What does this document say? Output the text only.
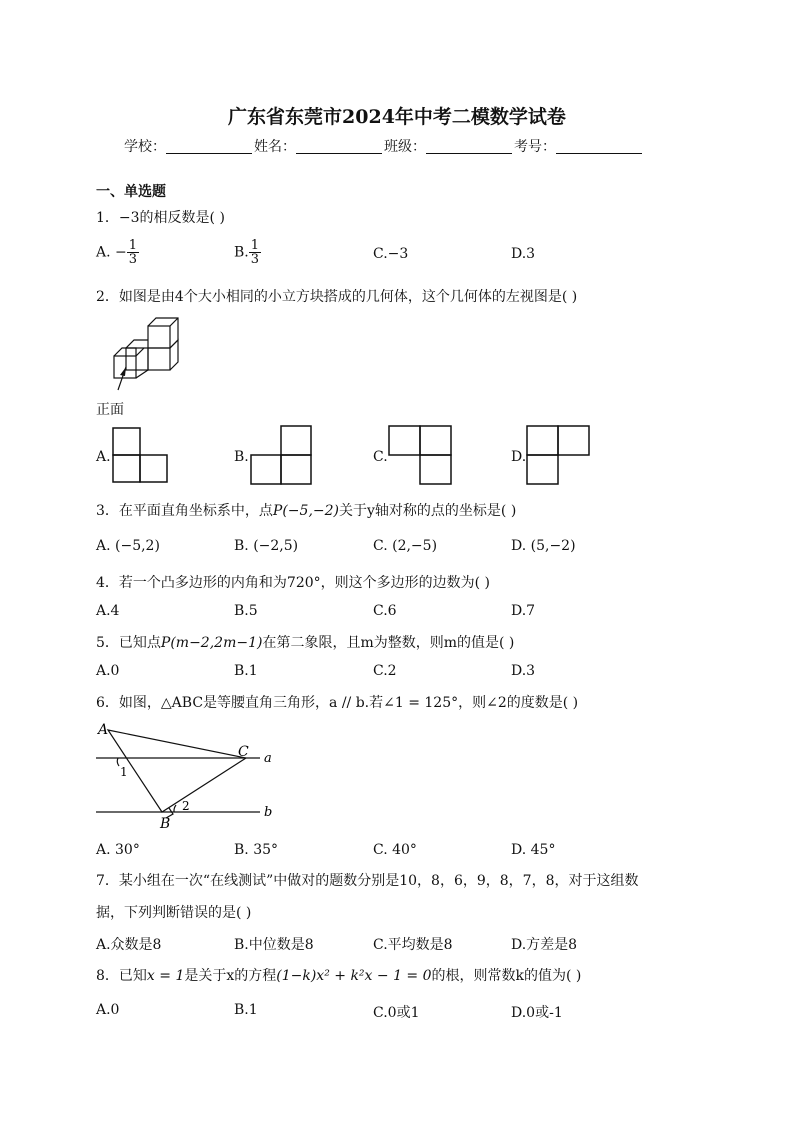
广东省东莞市2024年中考二模数学试卷
学校：	姓名：	班级：	考号：
一、单选题
1．−3的相反数是( )
A. − $\frac{1}{3}$	B. $\frac{1}{3}$	C.−3	D.3
2．如图是由4个大小相同的小立方块搭成的几何体，这个几何体的左视图是( )
正面
A.	B.	C.	D.
3．在平面直角坐标系中，点P(−5,−2)关于y轴对称的点的坐标是( )
A. (−5,2)	B. (−2,5)	C. (2,−5)	D. (5,−2)
4．若一个凸多边形的内角和为720°，则这个多边形的边数为( )
A.4	B.5	C.6	D.7
5．已知点P(m−2,2m−1)在第二象限，且m为整数，则m的值是( )
A.0	B.1	C.2	D.3
6．如图，△ABC是等腰直角三角形，a // b.若∠1 = 125°，则∠2的度数是( )
A
C
B
a
b
1
2
A. 30°	B. 35°	C. 40°	D. 45°
7．某小组在一次“在线测试”中做对的题数分别是10，8，6，9，8，7，8，对于这组数
据，下列判断错误的是( )
A.众数是8	B.中位数是8	C.平均数是8	D.方差是8
8．已知x = 1是关于x的方程(1−k)x² + k²x − 1 = 0的根，则常数k的值为( )
A.0	B.1	C.0或1	D.0或-1
